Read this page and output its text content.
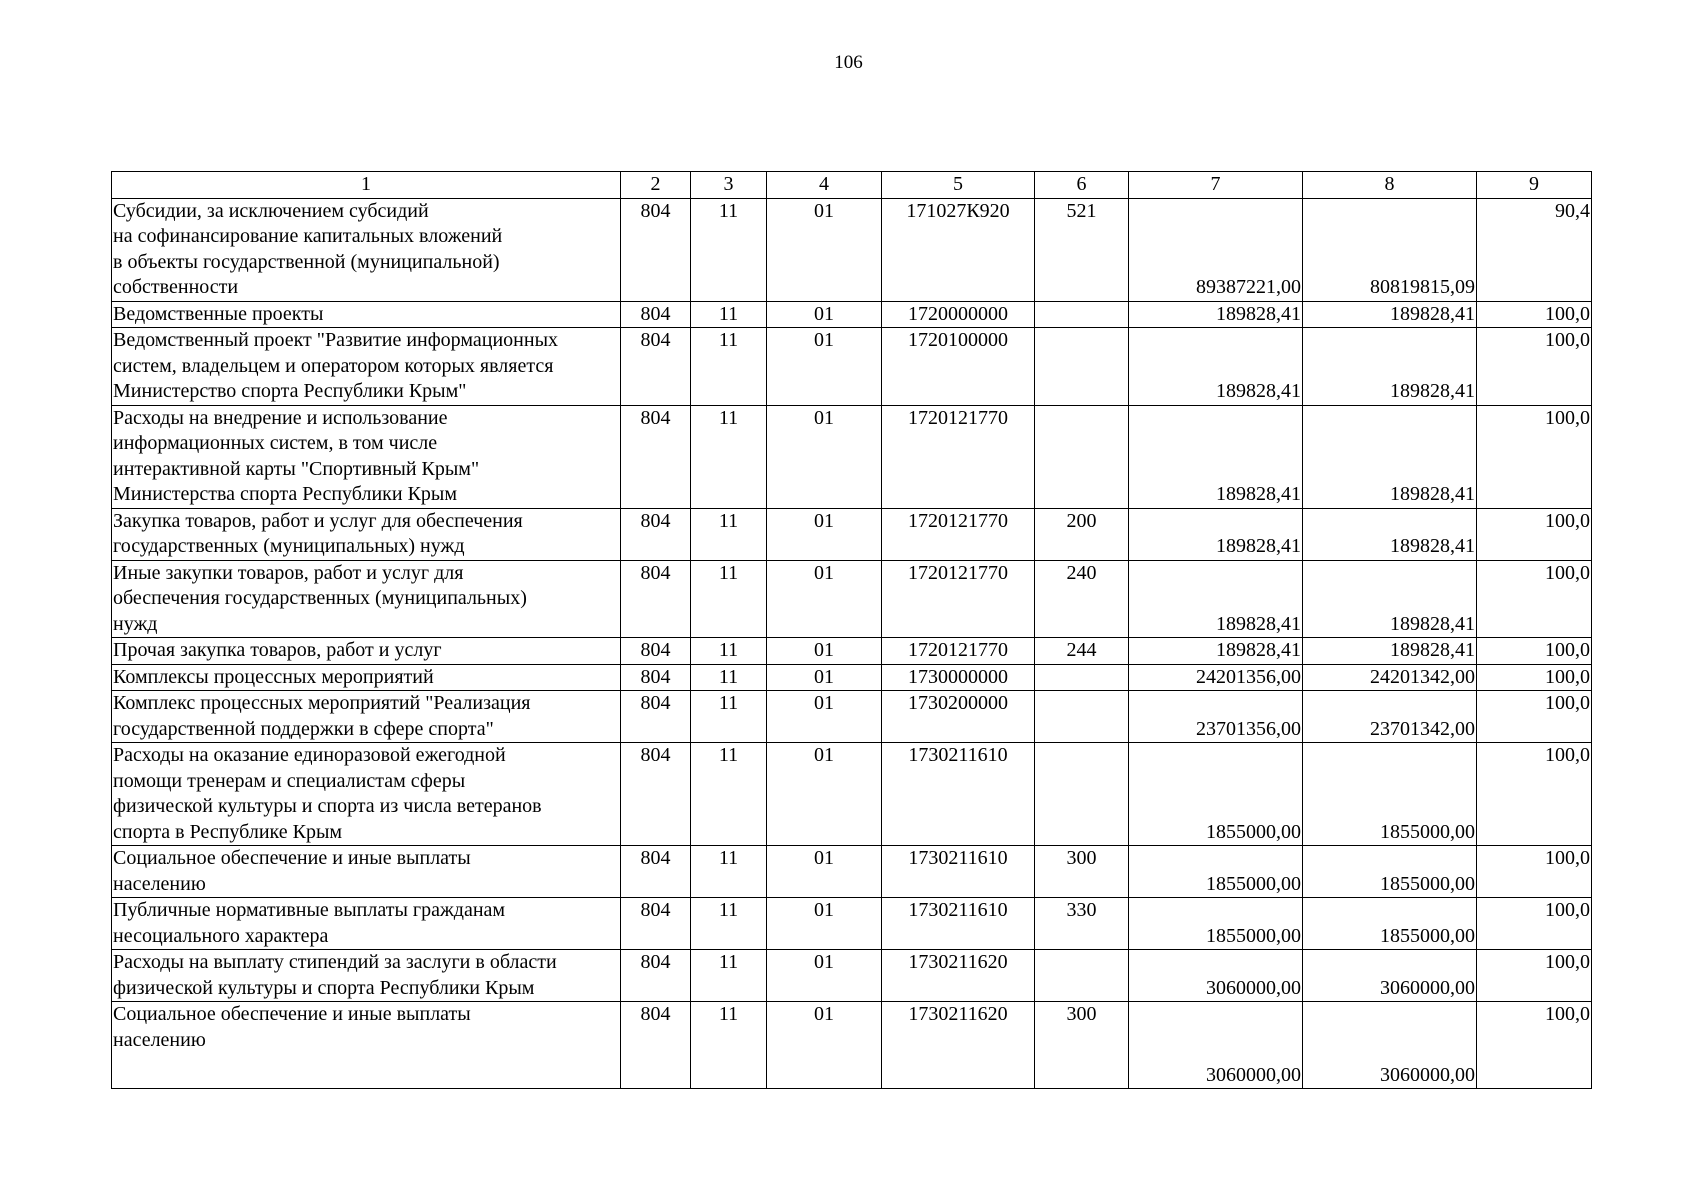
106
1	2	3	4	5	6	7	8	9
Субсидии, за исключением субсидий
на софинансирование капитальных вложений
в объекты государственной (муниципальной)
собственности	804	11	01	171027К920	521	89387221,00	80819815,09	90,4
Ведомственные проекты	804	11	01	1720000000		189828,41	189828,41	100,0
Ведомственный проект "Развитие информационных
систем, владельцем и оператором которых является
Министерство спорта Республики Крым"	804	11	01	1720100000		189828,41	189828,41	100,0
Расходы на внедрение и использование
информационных систем, в том числе
интерактивной карты "Спортивный Крым"
Министерства спорта Республики Крым	804	11	01	1720121770		189828,41	189828,41	100,0
Закупка товаров, работ и услуг для обеспечения
государственных (муниципальных) нужд	804	11	01	1720121770	200	189828,41	189828,41	100,0
Иные закупки товаров, работ и услуг для
обеспечения государственных (муниципальных)
нужд	804	11	01	1720121770	240	189828,41	189828,41	100,0
Прочая закупка товаров, работ и услуг	804	11	01	1720121770	244	189828,41	189828,41	100,0
Комплексы процессных мероприятий	804	11	01	1730000000		24201356,00	24201342,00	100,0
Комплекс процессных мероприятий "Реализация
государственной поддержки в сфере спорта"	804	11	01	1730200000		23701356,00	23701342,00	100,0
Расходы на оказание единоразовой ежегодной
помощи тренерам и специалистам сферы
физической культуры и спорта из числа ветеранов
спорта в Республике Крым	804	11	01	1730211610		1855000,00	1855000,00	100,0
Социальное обеспечение и иные выплаты
населению	804	11	01	1730211610	300	1855000,00	1855000,00	100,0
Публичные нормативные выплаты гражданам
несоциального характера	804	11	01	1730211610	330	1855000,00	1855000,00	100,0
Расходы на выплату стипендий за заслуги в области
физической культуры и спорта Республики Крым	804	11	01	1730211620		3060000,00	3060000,00	100,0
Социальное обеспечение и иные выплаты
населению	804	11	01	1730211620	300	3060000,00	3060000,00	100,0
